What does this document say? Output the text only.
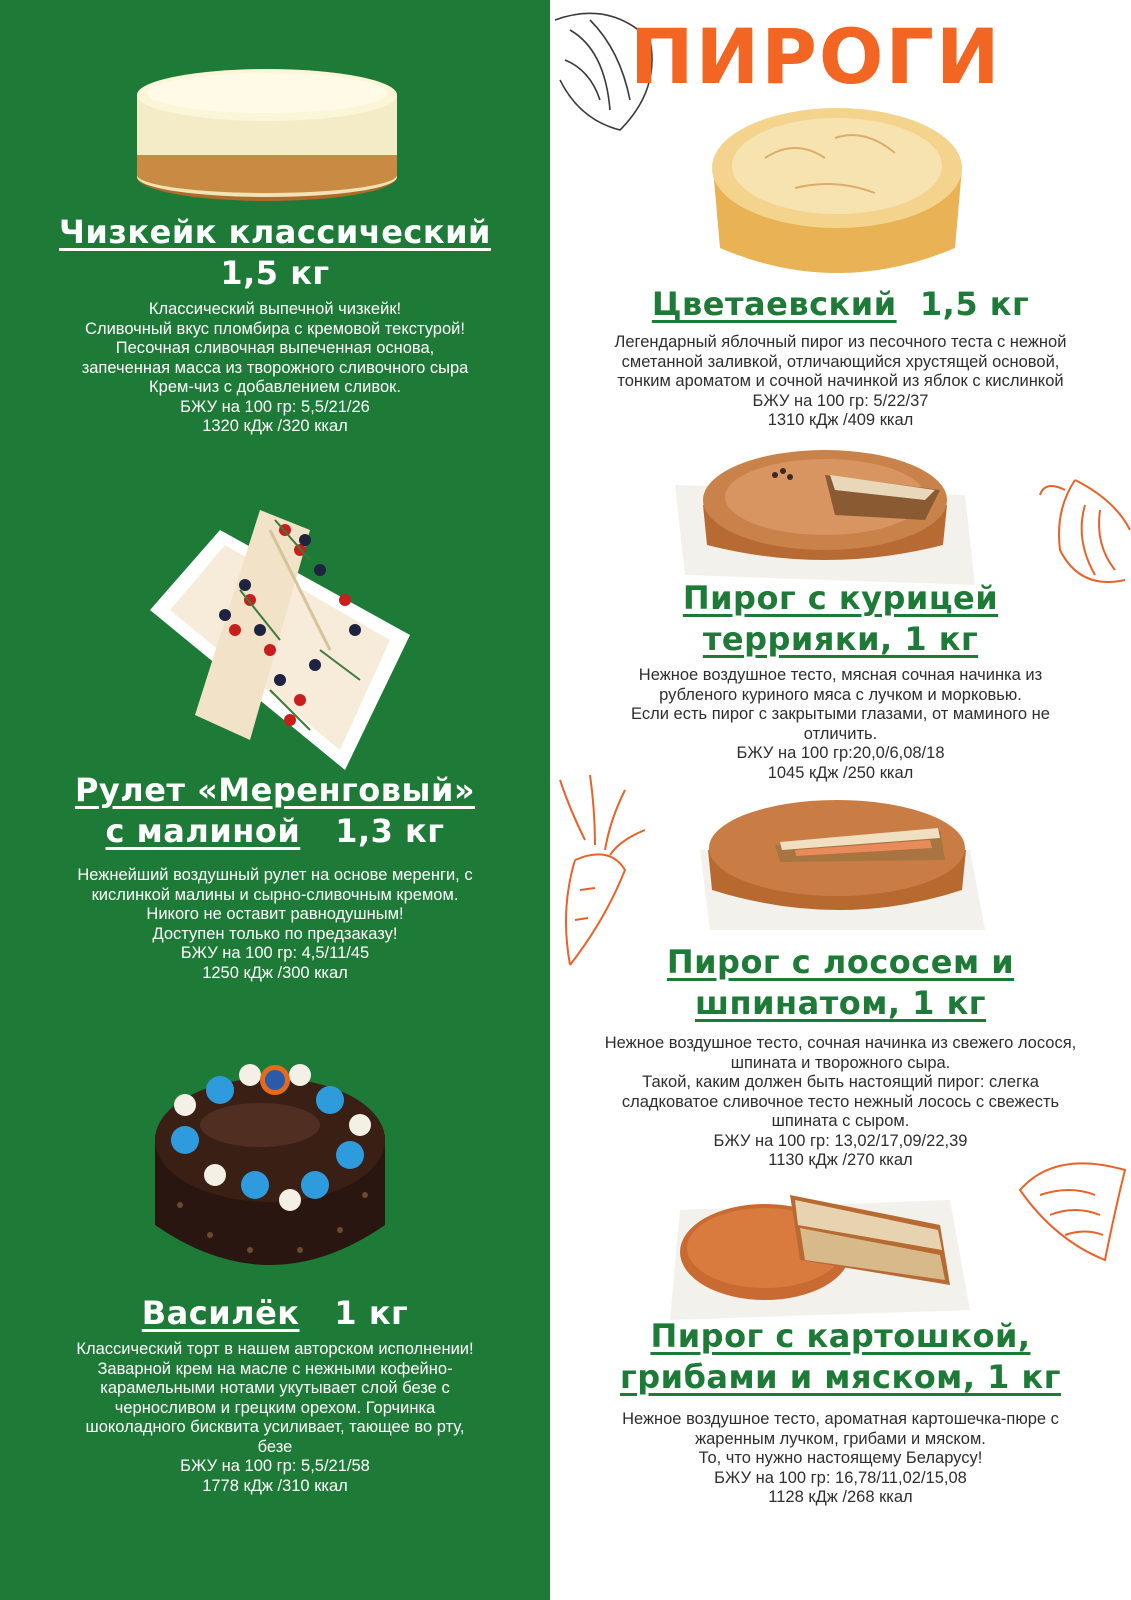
Чизкейк классический
1,5 кг
Классический выпечной чизкейк!
Сливочный вкус пломбира с кремовой текстурой!
Песочная сливочная выпеченная основа,
запеченная масса из творожного сливочного сыра
Крем-чиз с добавлением сливок.
БЖУ на 100 гр: 5,5/21/26
1320 кДж /320 ккал
Рулет «Меренговый»
с малиной 1,3 кг
Нежнейший воздушный рулет на основе меренги, с
кислинкой малины и сырно-сливочным кремом.
Никого не оставит равнодушным!
Доступен только по предзаказу!
БЖУ на 100 гр: 4,5/11/45
1250 кДж /300 ккал
Василёк 1 кг
Классический торт в нашем авторском исполнении!
Заварной крем на масле с нежными кофейно-
карамельными нотами укутывает слой безе с
черносливом и грецким орехом. Горчинка
шоколадного бисквита усиливает, тающее во рту,
безе
БЖУ на 100 гр: 5,5/21/58
1778 кДж /310 ккал
ПИРОГИ
Цветаевский 1,5 кг
Легендарный яблочный пирог из песочного теста с нежной
сметанной заливкой, отличающийся хрустящей основой,
тонким ароматом и сочной начинкой из яблок с кислинкой
БЖУ на 100 гр: 5/22/37
1310 кДж /409 ккал
Пирог с курицей
террияки, 1 кг
Нежное воздушное тесто, мясная сочная начинка из
рубленого куриного мяса с лучком и морковью.
Если есть пирог с закрытыми глазами, от маминого не
отличить.
БЖУ на 100 гр:20,0/6,08/18
1045 кДж /250 ккал
Пирог с лососем и
шпинатом, 1 кг
Нежное воздушное тесто, сочная начинка из свежего лосося,
шпината и творожного сыра.
Такой, каким должен быть настоящий пирог: слегка
сладковатое сливочное тесто нежный лосось с свежесть
шпината с сыром.
БЖУ на 100 гр: 13,02/17,09/22,39
1130 кДж /270 ккал
Пирог с картошкой,
грибами и мяском, 1 кг
Нежное воздушное тесто, ароматная картошечка-пюре с
жаренным лучком, грибами и мяском.
То, что нужно настоящему Беларусу!
БЖУ на 100 гр: 16,78/11,02/15,08
1128 кДж /268 ккал
